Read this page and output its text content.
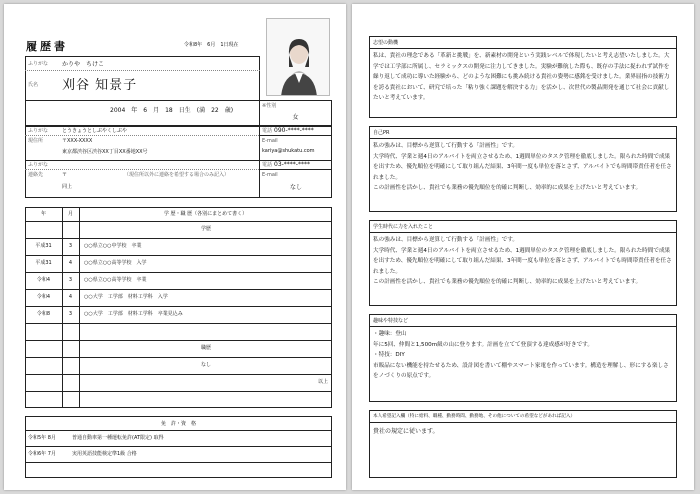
履歴書	令和8年　6月　1日現在
ふりがな かりや　ちけこ
氏名 刈谷 知景子
2004　年　6　月　18　日生　(満　22　歳)
※性別
女
ふりがな	とうきょうとしぶやくしぶや
現住所	〒XXX-XXXX
東京都渋谷区渋谷XX丁目XX番地XX号
電話 090-****-****
E-mail
kariya@shukatu.com
ふりがな
連絡先	〒	（現住所以外に連絡を希望する場合のみ記入）
同上
電話 03-****-****
E-mail
なし
年	月	学 歴・職 歴（各別にまとめて書く）
学歴
平成31	3	○○県立○○中学校　卒業
平成31	4	○○県立○○高等学校　入学
令和4	3	○○県立○○高等学校　卒業
令和4	4	○○大学　工学部　材料工学科　入学
令和8	3	○○大学　工学部　材料工学科　卒業見込み
職歴
なし
以上
免　許・資　格
令和5年 8月	普通自動車第一種運転免許(AT限定) 取得
令和6年 7月	実用英語技能検定準1級 合格
志望の動機
私は、貴社の理念である「革新と挑戦」を、新素材の開発という実践レベルで体現したいと考え志望いたしました。大学では工学部に所属し、セラミックスの開発に注力してきました。実験が難航した際も、既存の手法に捉われず試作を繰り返して成功に導いた経験から、どのような困難にも挑み続ける貴社の姿勢に感銘を受けました。業界屈指の技術力を誇る貴社において、研究で培った「粘り強く課題を解決する力」を活かし、次世代の製品開発を通じて社会に貢献したいと考えています。
自己PR
私の強みは、目標から逆算して行動する「計画性」です。
大学時代、学業と週4日のアルバイトを両立させるため、1週間単位のタスク管理を徹底しました。限られた時間で成果を出すため、優先順位を明確にして取り組んだ結果、3年間一度も単位を落とさず、アルバイトでも時間帯責任者を任されました。
この計画性を活かし、貴社でも業務の優先順位を的確に判断し、効率的に成果を上げたいと考えています。
学生時代に力を入れたこと
私の強みは、目標から逆算して行動する「計画性」です。
大学時代、学業と週4日のアルバイトを両立させるため、1週間単位のタスク管理を徹底しました。限られた時間で成果を出すため、優先順位を明確にして取り組んだ結果、3年間一度も単位を落とさず、アルバイトでも時間帯責任者を任されました。
この計画性を活かし、貴社でも業務の優先順位を的確に判断し、効率的に成果を上げたいと考えています。
趣味や特技など
・趣味：登山
年に5回、仲間と1,500m級の山に登ります。計画を立てて登頂する達成感が好きです。
・特技：DIY
市販品にない機能を持たせるため、設計図を書いて棚やスマート家電を作っています。構造を理解し、形にする楽しさをノづくりの原点です。
本人希望記入欄（特に給料、職種、勤務時間、勤務地、その他についての希望などがあれば記入）
貴社の規定に従います。
